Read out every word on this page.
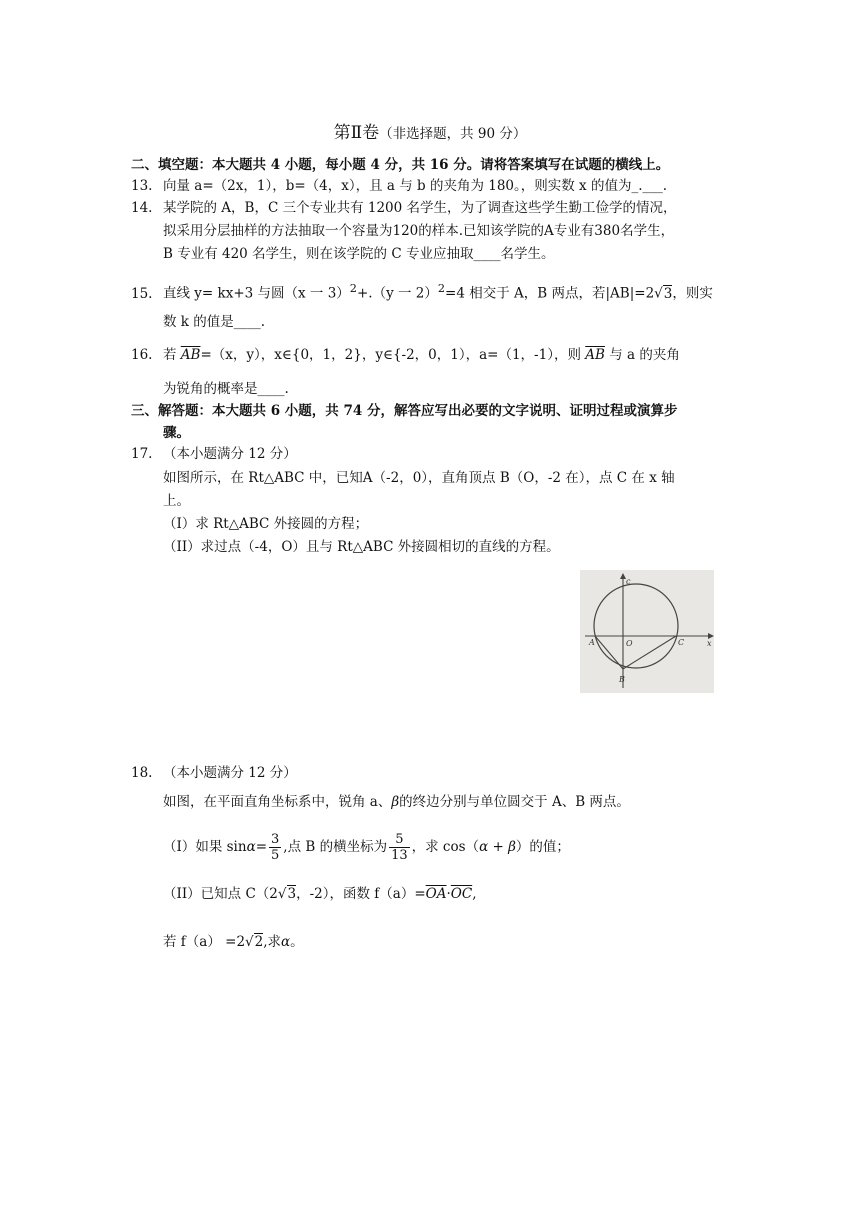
第Ⅱ卷（非选择题，共 90 分）
二、填空题：本大题共 4 小题，每小题 4 分，共 16 分。请将答案填写在试题的横线上。
13. 向量 a=（2x，1），b=（4，x），且 a 与 b 的夹角为 180。，则实数 x 的值为_.___.
14. 某学院的 A，B，C 三个专业共有 1200 名学生，为了调查这些学生勤工俭学的情况，
拟采用分层抽样的方法抽取一个容量为120的样本.已知该学院的A专业有380名学生，
B 专业有 420 名学生，则在该学院的 C 专业应抽取____名学生。
15. 直线 y= kx+3 与圆（x 一 3）$^2$+.（y 一 2）$^2$=4 相交于 A，B 两点，若|AB|=2√3，则实
数 k 的值是____.
16. 若 $\overline{AB}=(x$，y），x∈{0，1，2}，y∈{-2，0，1），a=（1，-1），则 $\overline{AB}$ 与 a 的夹角
为锐角的概率是____.
三、解答题：本大题共 6 小题，共 74 分，解答应写出必要的文字说明、证明过程或演算步
骤。
17. （本小题满分 12 分）
如图所示，在 Rt△ABC 中，已知A（-2，0），直角顶点 B（O，-2 在），点 C 在 x 轴
上。
（Ⅰ）求 Rt△ABC 外接圆的方程；
（II）求过点（-4，O）且与 Rt△ABC 外接圆相切的直线的方程。
c
x
A	O	C
B
18. （本小题满分 12 分）
如图，在平面直角坐标系中，锐角 a、β的终边分别与单位圆交于 A、B 两点。
（I）如果 $\sin\alpha= \frac{3}{5}$ ,点 B 的横坐标为 $\frac{5}{13}$ ，求 cos（α + β）的值；
（II）已知点 C（2√3，-2），函数 $f(a)=\overline{OA}\cdot\overline{OC}$,
若 f（a） =2√2,求α。
